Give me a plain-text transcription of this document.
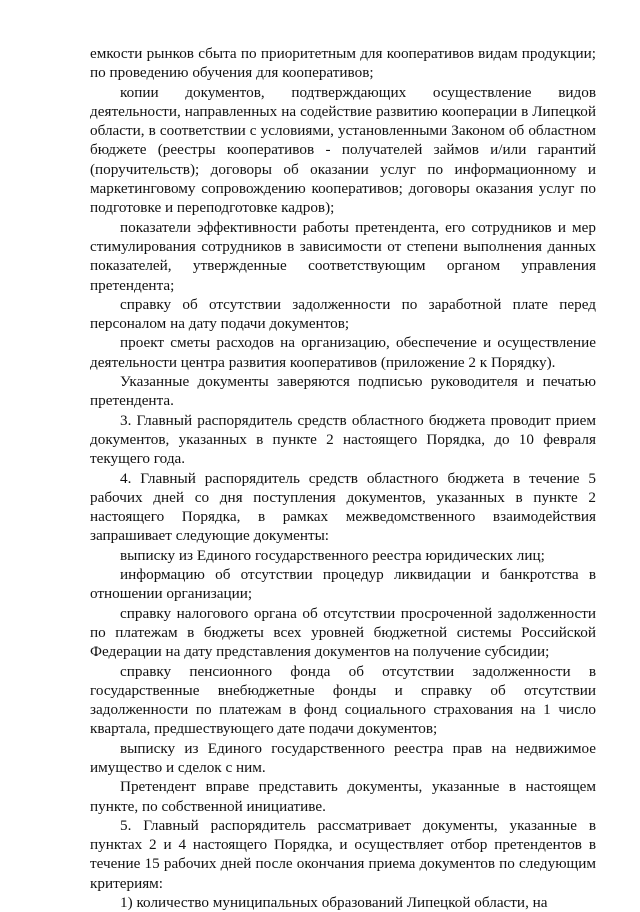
емкости рынков сбыта по приоритетным для кооперативов видам продукции; по проведению обучения для кооперативов;

копии документов, подтверждающих осуществление видов деятельности, направленных на содействие развитию кооперации в Липецкой области, в соответствии с условиями, установленными Законом об областном бюджете (реестры кооперативов - получателей займов и/или гарантий (поручительств); договоры об оказании услуг по информационному и маркетинговому сопровождению кооперативов; договоры оказания услуг по подготовке и переподготовке кадров);

показатели эффективности работы претендента, его сотрудников и мер стимулирования сотрудников в зависимости от степени выполнения данных показателей, утвержденные соответствующим органом управления претендента;

справку об отсутствии задолженности по заработной плате перед персоналом на дату подачи документов;

проект сметы расходов на организацию, обеспечение и осуществление деятельности центра развития кооперативов (приложение 2 к Порядку).

Указанные документы заверяются подписью руководителя и печатью претендента.

3. Главный распорядитель средств областного бюджета проводит прием документов, указанных в пункте 2 настоящего Порядка, до 10 февраля текущего года.

4. Главный распорядитель средств областного бюджета в течение 5 рабочих дней со дня поступления документов, указанных в пункте 2 настоящего Порядка, в рамках межведомственного взаимодействия запрашивает следующие документы:

выписку из Единого государственного реестра юридических лиц;

информацию об отсутствии процедур ликвидации и банкротства в отношении организации;

справку налогового органа об отсутствии просроченной задолженности по платежам в бюджеты всех уровней бюджетной системы Российской Федерации на дату представления документов на получение субсидии;

справку пенсионного фонда об отсутствии задолженности в государственные внебюджетные фонды и справку об отсутствии задолженности по платежам в фонд социального страхования на 1 число квартала, предшествующего дате подачи документов;

выписку из Единого государственного реестра прав на недвижимое имущество и сделок с ним.

Претендент вправе представить документы, указанные в настоящем пункте, по собственной инициативе.

5. Главный распорядитель рассматривает документы, указанные в пунктах 2 и 4 настоящего Порядка, и осуществляет отбор претендентов в течение 15 рабочих дней после окончания приема документов по следующим критериям:

1) количество муниципальных образований Липецкой области, на
